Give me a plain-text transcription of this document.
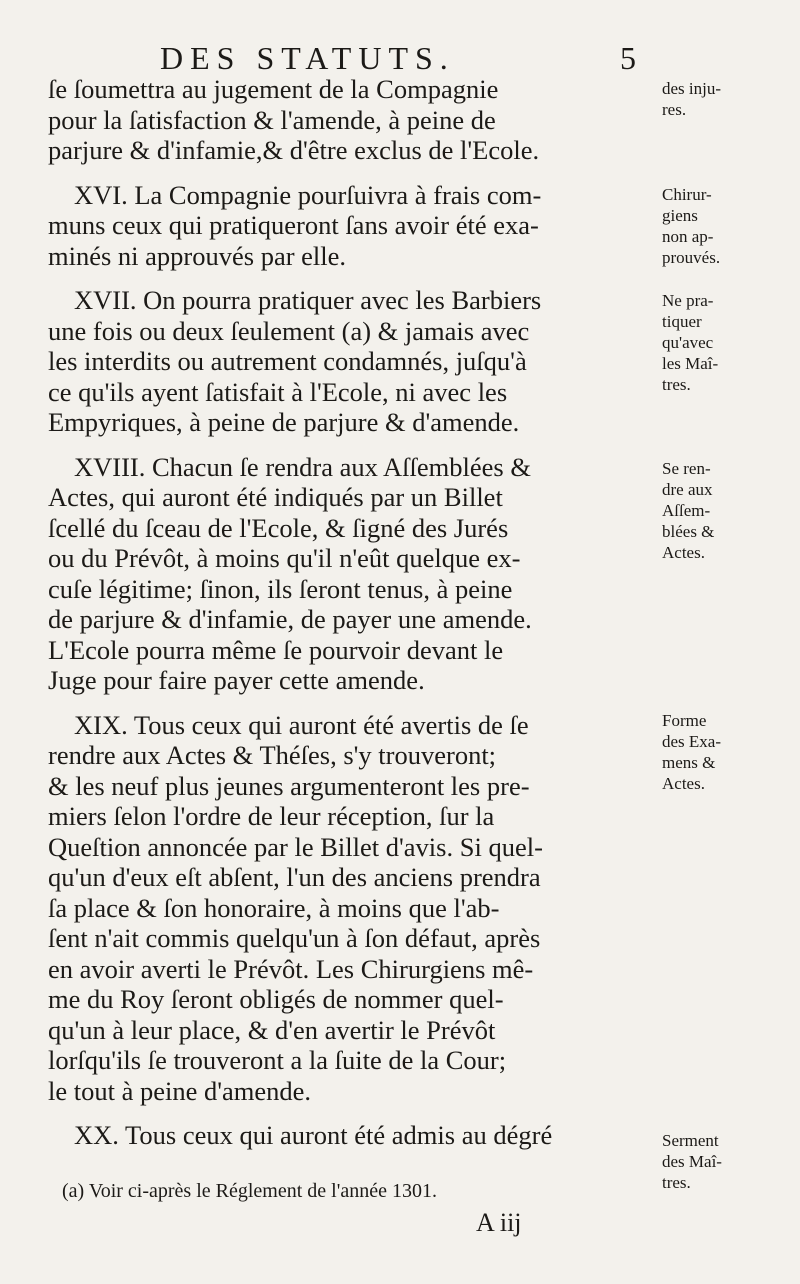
DES STATUTS.	5
ſe ſoumettra au jugement de la Compagnie
pour la ſatisfaction & l'amende, à peine de
parjure & d'infamie,& d'être exclus de l'Ecole.
XVI. La Compagnie pourſuivra à frais com-
muns ceux qui pratiqueront ſans avoir été exa-
minés ni approuvés par elle.
XVII. On pourra pratiquer avec les Barbiers
une fois ou deux ſeulement (a) & jamais avec
les interdits ou autrement condamnés, juſqu'à
ce qu'ils ayent ſatisfait à l'Ecole, ni avec les
Empyriques, à peine de parjure & d'amende.
XVIII. Chacun ſe rendra aux Aſſemblées &
Actes, qui auront été indiqués par un Billet
ſcellé du ſceau de l'Ecole, & ſigné des Jurés
ou du Prévôt, à moins qu'il n'eût quelque ex-
cuſe légitime; ſinon, ils ſeront tenus, à peine
de parjure & d'infamie, de payer une amende.
L'Ecole pourra même ſe pourvoir devant le
Juge pour faire payer cette amende.
XIX. Tous ceux qui auront été avertis de ſe
rendre aux Actes & Théſes, s'y trouveront;
& les neuf plus jeunes argumenteront les pre-
miers ſelon l'ordre de leur réception, ſur la
Queſtion annoncée par le Billet d'avis. Si quel-
qu'un d'eux eſt abſent, l'un des anciens prendra
ſa place & ſon honoraire, à moins que l'ab-
ſent n'ait commis quelqu'un à ſon défaut, après
en avoir averti le Prévôt. Les Chirurgiens mê-
me du Roy ſeront obligés de nommer quel-
qu'un à leur place, & d'en avertir le Prévôt
lorſqu'ils ſe trouveront a la ſuite de la Cour;
le tout à peine d'amende.
XX. Tous ceux qui auront été admis au dégré
des inju-
res.
Chirur-
giens
non ap-
prouvés.
Ne pra-
tiquer
qu'avec
les Maî-
tres.
Se ren-
dre aux
Aſſem-
blées &
Actes.
Forme
des Exa-
mens &
Actes.
Serment
des Maî-
tres.
(a) Voir ci-après le Réglement de l'année 1301.
A iij
